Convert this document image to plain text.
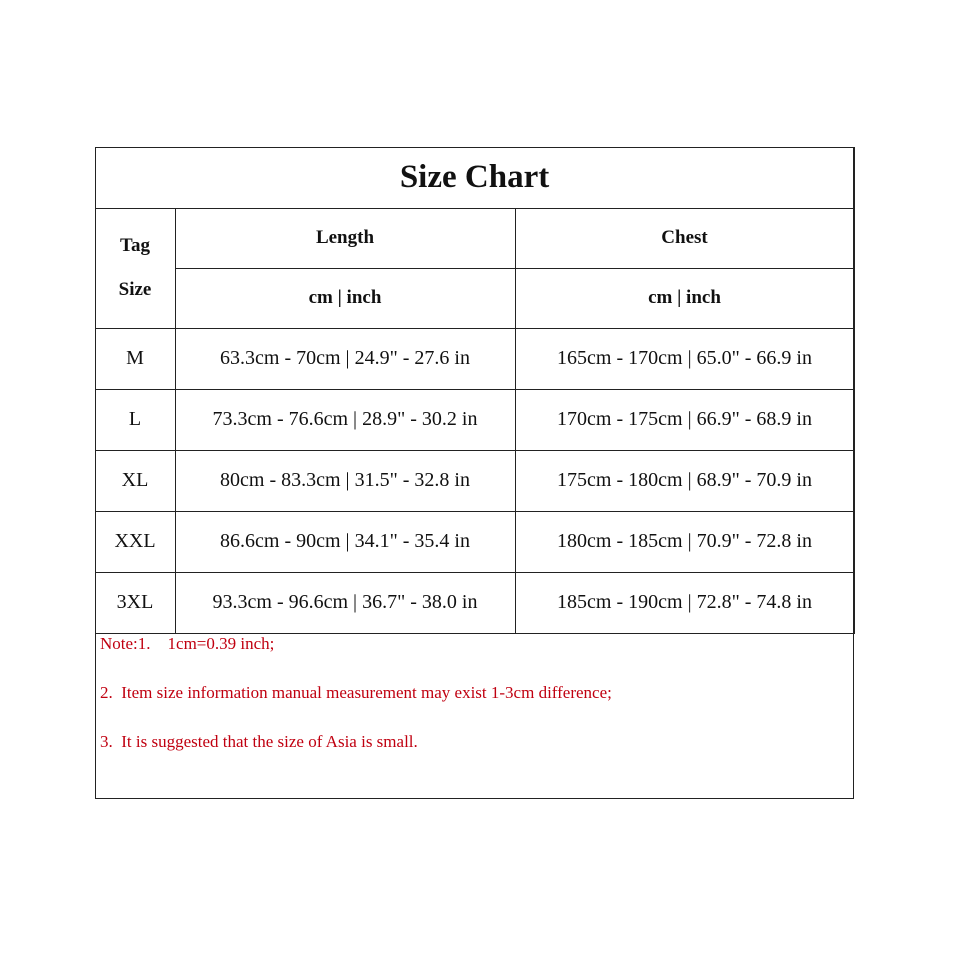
Size Chart		

Tag
Size	Length	Chest
	cm | inch	cm | inch
M	63.3cm - 70cm | 24.9" - 27.6 in	165cm - 170cm | 65.0" - 66.9 in
L	73.3cm - 76.6cm | 28.9" - 30.2 in	170cm - 175cm | 66.9" - 68.9 in
XL	80cm - 83.3cm | 31.5" - 32.8 in	175cm - 180cm | 68.9" - 70.9 in
XXL	86.6cm - 90cm | 34.1" - 35.4 in	180cm - 185cm | 70.9" - 72.8 in
3XL	93.3cm - 96.6cm | 36.7" - 38.0 in	185cm - 190cm | 72.8" - 74.8 in
Note:1.    1cm=0.39 inch;
2.  Item size information manual measurement may exist 1-3cm difference;
3.  It is suggested that the size of Asia is small.
